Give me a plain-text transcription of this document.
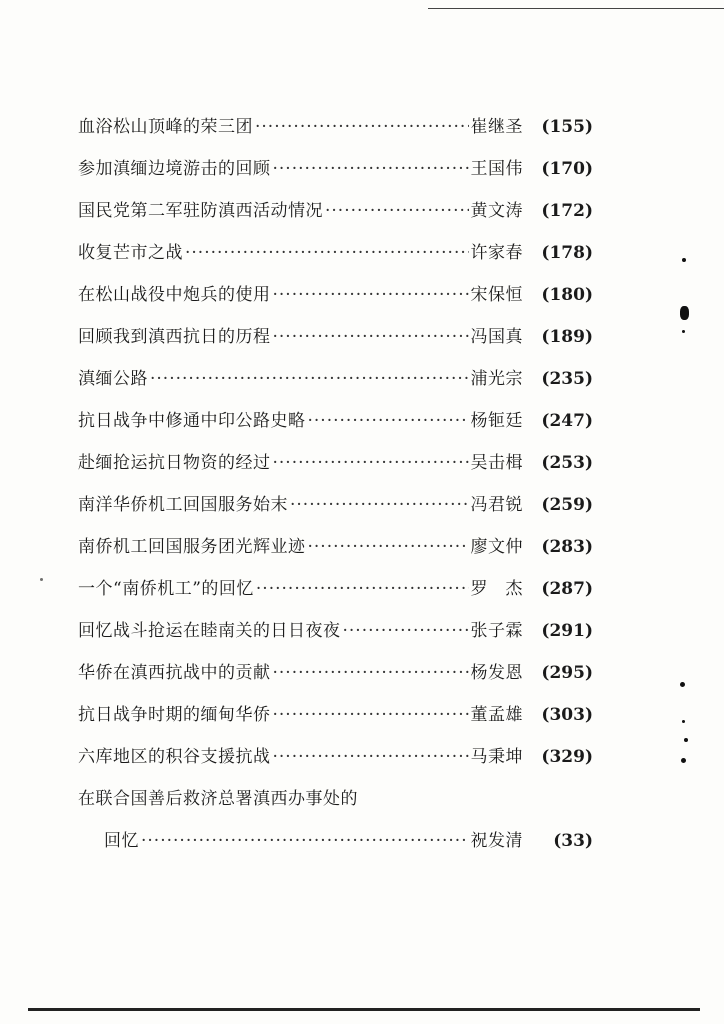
血浴松山顶峰的荣三团 ·····	崔继圣	(155)
参加滇缅边境游击的回顾 ·····	王国伟	(170)
国民党第二军驻防滇西活动情况 ·····	黄文涛	(172)
收复芒市之战 ·····	许家春	(178)
在松山战役中炮兵的使用 ·····	宋保恒	(180)
回顾我到滇西抗日的历程 ·····	冯国真	(189)
滇缅公路 ·····	浦光宗	(235)
抗日战争中修通中印公路史略 ·····	杨钷廷	(247)
赴缅抢运抗日物资的经过 ·····	吴击楫	(253)
南洋华侨机工回国服务始末 ·····	冯君锐	(259)
南侨机工回国服务团光辉业迹 ·····	廖文仲	(283)
一个“南侨机工”的回忆 ·····	罗　杰	(287)
回忆战斗抢运在睦南关的日日夜夜 ·····	张子霖	(291)
华侨在滇西抗战中的贡献 ·····	杨发恩	(295)
抗日战争时期的缅甸华侨 ·····	董孟雄	(303)
六库地区的积谷支援抗战 ·····	马秉坤	(329)
在联合国善后救济总署滇西办事处的
回忆 ·····	祝发清	(33)
